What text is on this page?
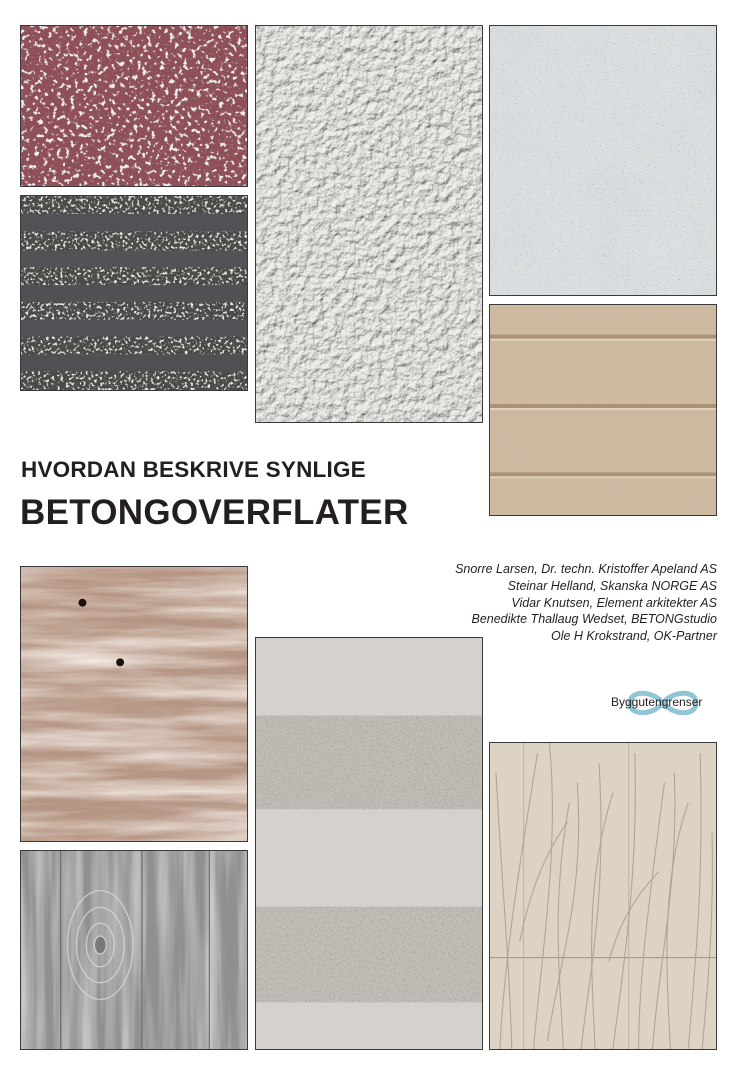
HVORDAN BESKRIVE SYNLIGE
BETONGOVERFLATER
Snorre Larsen, Dr. techn. Kristoffer Apeland AS
Steinar Helland, Skanska NORGE AS
Vidar Knutsen, Element arkitekter AS
Benedikte Thallaug Wedset, BETONGstudio
Ole H Krokstrand, OK-Partner
Byggutengrenser
